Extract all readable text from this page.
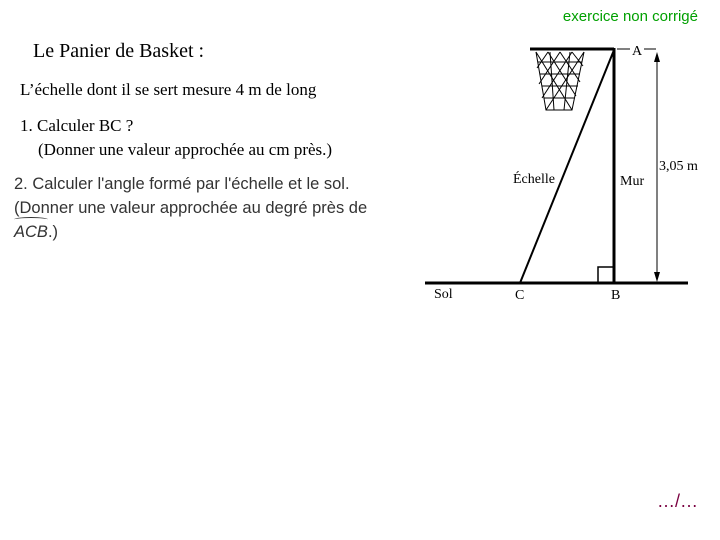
exercice non corrigé
Le Panier de Basket :
L’échelle dont il se sert mesure 4 m de long
1. Calculer BC ?
(Donner une valeur approchée au cm près.)
2. Calculer l'angle formé par l'échelle et le sol.
(Donner une valeur approchée au degré près de
ACB.)
A
Mur
Échelle
3,05 m
Sol	C	B
…/…
